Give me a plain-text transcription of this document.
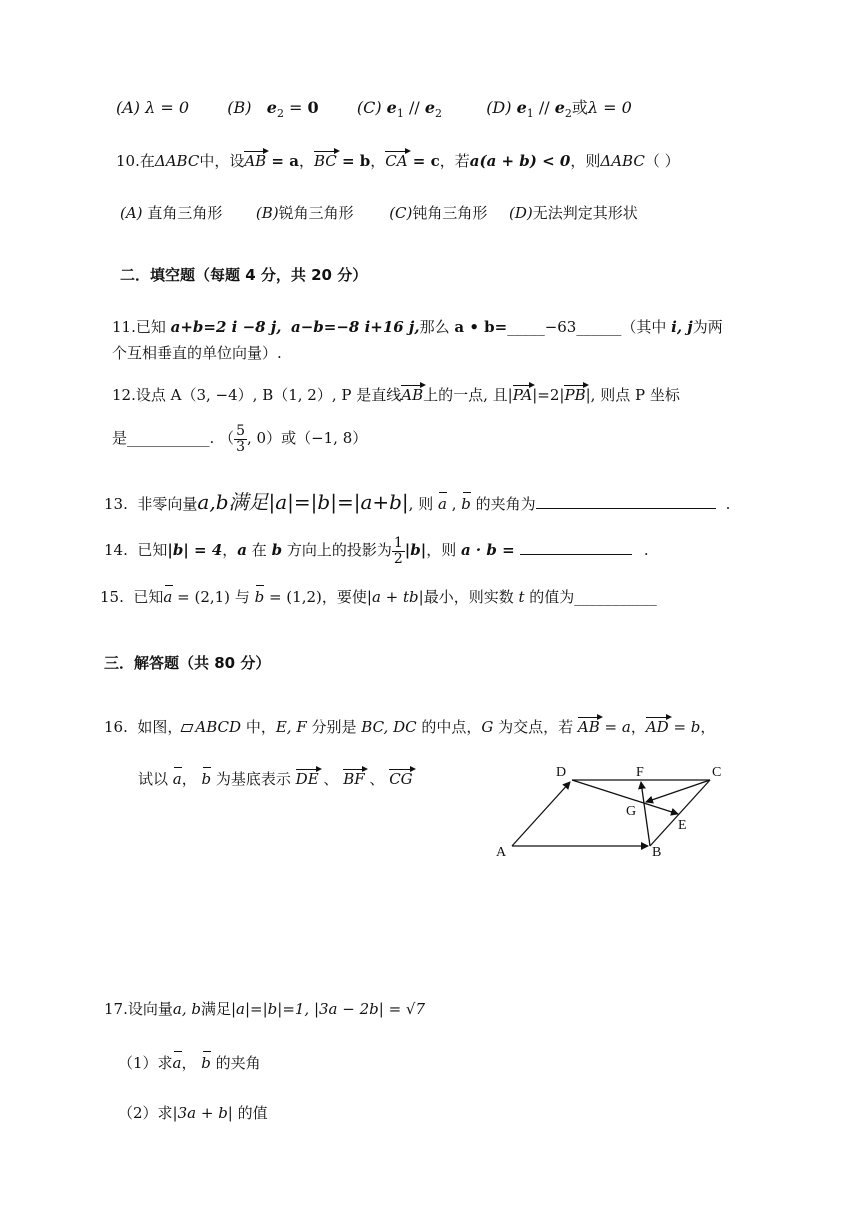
(A) λ = 0 (B) $e_2 = 0$ (C) $e_1 // e_2$	(D) $e_1 // e_2$或λ = 0
10.在ΔABC中，设AB = a，BC = b，CA = c，若a(a + b) < 0，则ΔABC（ ）
(A) 直角三角形 (B)锐角三角形 (C)钝角三角形 (D)无法判定其形状
二．填空题（每题 4 分，共 20 分）
11.已知 a+b=2 i −8 j, a−b=−8 i+16 j,那么 a • b=_____−63______（其中 i, j为两
个互相垂直的单位向量）.
12.设点 A（3, −4）, B（1, 2）, P 是直线AB上的一点, 且|PA|=2|PB|, 则点 P 坐标
是___________. （ $\frac{5}{3}$ , 0）或（−1, 8）
13. 非零向量a,b满足|a|=|b|=|a+b|, 则 a , b 的夹角为	.
14. 已知|b| = 4，a 在 b 方向上的投影为 $\frac{1}{2} |b|$，则 a · b =	.
15. 已知a = (2,1) 与 b = (1,2)，要使|a + tb|最小，则实数 t 的值为___________
三．解答题（共 80 分）
16. 如图， ABCD 中，E, F 分别是 BC, DC 的中点，G 为交点，若 AB = a，AD = b，
试以 a， b 为基底表示 DE 、 BF 、 CG	D	F	C
G
E
A	B
17.设向量a, b满足|a|=|b|=1, |3a − 2b| = √7
（1）求a， b 的夹角
（2）求|3a + b| 的值
